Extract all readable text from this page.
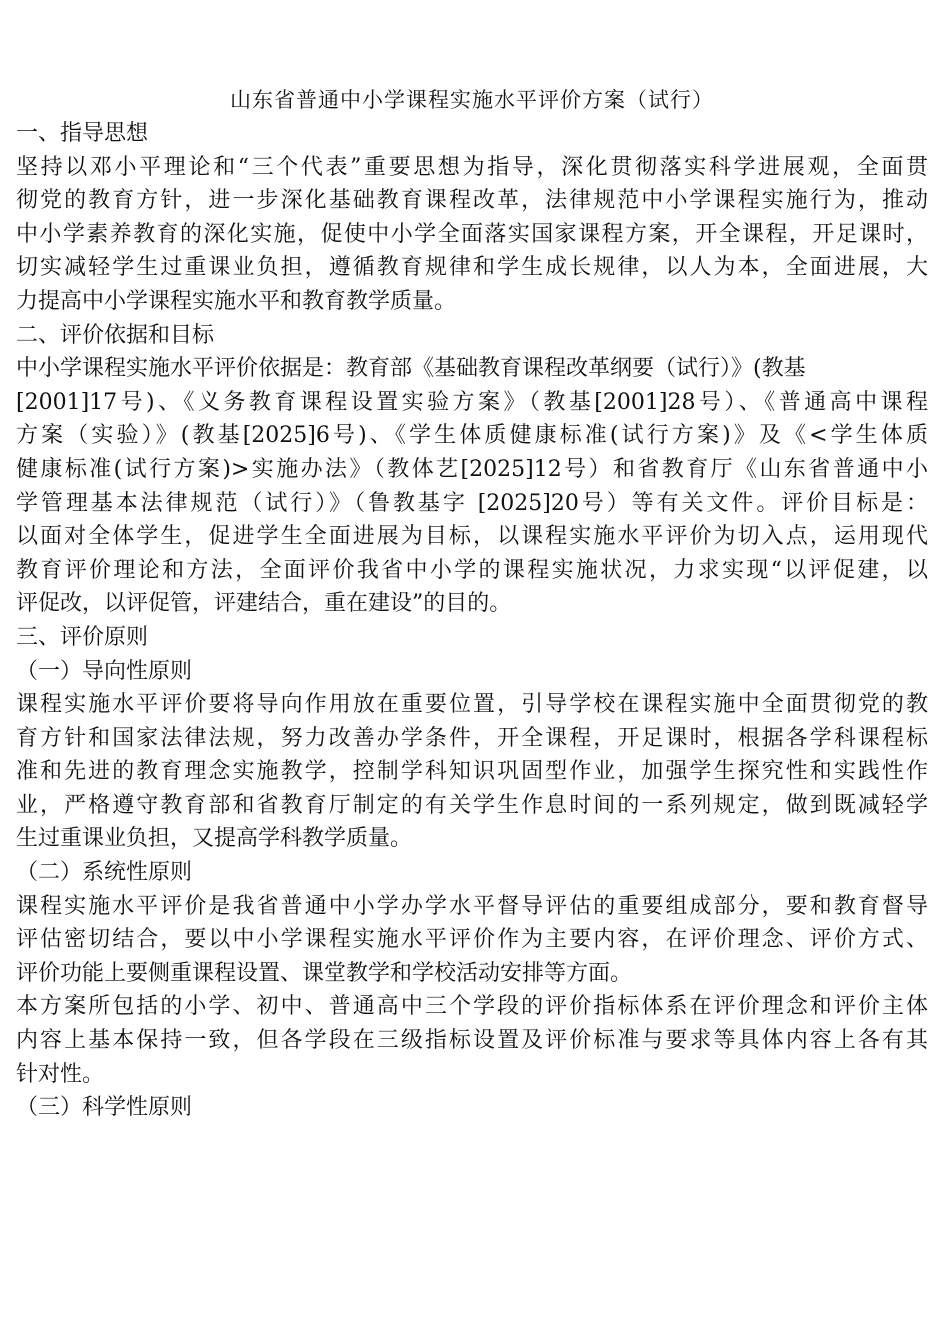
山东省普通中小学课程实施水平评价方案（试行）

一、指导思想

坚持以邓小平理论和“三个代表”重要思想为指导，深化贯彻落实科学进展观，全面贯

彻党的教育方针，进一步深化基础教育课程改革，法律规范中小学课程实施行为，推动

中小学素养教育的深化实施，促使中小学全面落实国家课程方案，开全课程，开足课时，

切实减轻学生过重课业负担，遵循教育规律和学生成长规律，以人为本，全面进展，大

力提高中小学课程实施水平和教育教学质量。

二、评价依据和目标

中小学课程实施水平评价依据是：教育部《基础教育课程改革纲要（试行）》(教基

[2001]17号)、《义务教育课程设置实验方案》（教基[2001]28号）、《普通高中课程

方案（实验）》(教基[2025]6号)、《学生体质健康标准(试行方案)》及《<学生体质

健康标准(试行方案)>实施办法》（教体艺[2025]12号）和省教育厅《山东省普通中小

学管理基本法律规范（试行）》（鲁教基字 [2025]20号）等有关文件。评价目标是：

以面对全体学生，促进学生全面进展为目标，以课程实施水平评价为切入点，运用现代

教育评价理论和方法，全面评价我省中小学的课程实施状况，力求实现“以评促建，以

评促改，以评促管，评建结合，重在建设”的目的。

三、评价原则

（一）导向性原则

课程实施水平评价要将导向作用放在重要位置，引导学校在课程实施中全面贯彻党的教

育方针和国家法律法规，努力改善办学条件，开全课程，开足课时，根据各学科课程标

准和先进的教育理念实施教学，控制学科知识巩固型作业，加强学生探究性和实践性作

业，严格遵守教育部和省教育厅制定的有关学生作息时间的一系列规定，做到既减轻学

生过重课业负担，又提高学科教学质量。

（二）系统性原则

课程实施水平评价是我省普通中小学办学水平督导评估的重要组成部分，要和教育督导

评估密切结合，要以中小学课程实施水平评价作为主要内容，在评价理念、评价方式、

评价功能上要侧重课程设置、课堂教学和学校活动安排等方面。

本方案所包括的小学、初中、普通高中三个学段的评价指标体系在评价理念和评价主体

内容上基本保持一致，但各学段在三级指标设置及评价标准与要求等具体内容上各有其

针对性。

（三）科学性原则
